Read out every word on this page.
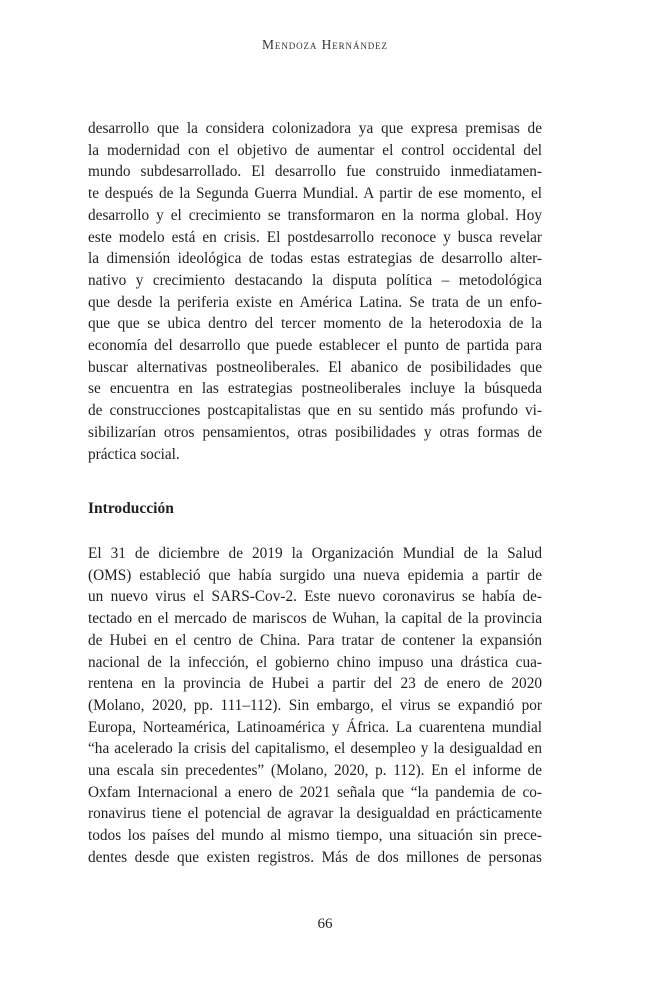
Mendoza Hernández
desarrollo que la considera colonizadora ya que expresa premisas de
la modernidad con el objetivo de aumentar el control occidental del
mundo subdesarrollado. El desarrollo fue construido inmediatamen-
te después de la Segunda Guerra Mundial. A partir de ese momento, el
desarrollo y el crecimiento se transformaron en la norma global. Hoy
este modelo está en crisis. El postdesarrollo reconoce y busca revelar
la dimensión ideológica de todas estas estrategias de desarrollo alter-
nativo y crecimiento destacando la disputa política – metodológica
que desde la periferia existe en América Latina. Se trata de un enfo-
que que se ubica dentro del tercer momento de la heterodoxia de la
economía del desarrollo que puede establecer el punto de partida para
buscar alternativas postneoliberales. El abanico de posibilidades que
se encuentra en las estrategias postneoliberales incluye la búsqueda
de construcciones postcapitalistas que en su sentido más profundo vi-
sibilizarían otros pensamientos, otras posibilidades y otras formas de
práctica social.
Introducción
El 31 de diciembre de 2019 la Organización Mundial de la Salud
(OMS) estableció que había surgido una nueva epidemia a partir de
un nuevo virus el SARS-Cov-2. Este nuevo coronavirus se había de-
tectado en el mercado de mariscos de Wuhan, la capital de la provincia
de Hubei en el centro de China. Para tratar de contener la expansión
nacional de la infección, el gobierno chino impuso una drástica cua-
rentena en la provincia de Hubei a partir del 23 de enero de 2020
(Molano, 2020, pp. 111–112). Sin embargo, el virus se expandió por
Europa, Norteamérica, Latinoamérica y África. La cuarentena mundial
“ha acelerado la crisis del capitalismo, el desempleo y la desigualdad en
una escala sin precedentes” (Molano, 2020, p. 112). En el informe de
Oxfam Internacional a enero de 2021 señala que “la pandemia de co-
ronavirus tiene el potencial de agravar la desigualdad en prácticamente
todos los países del mundo al mismo tiempo, una situación sin prece-
dentes desde que existen registros. Más de dos millones de personas
66
